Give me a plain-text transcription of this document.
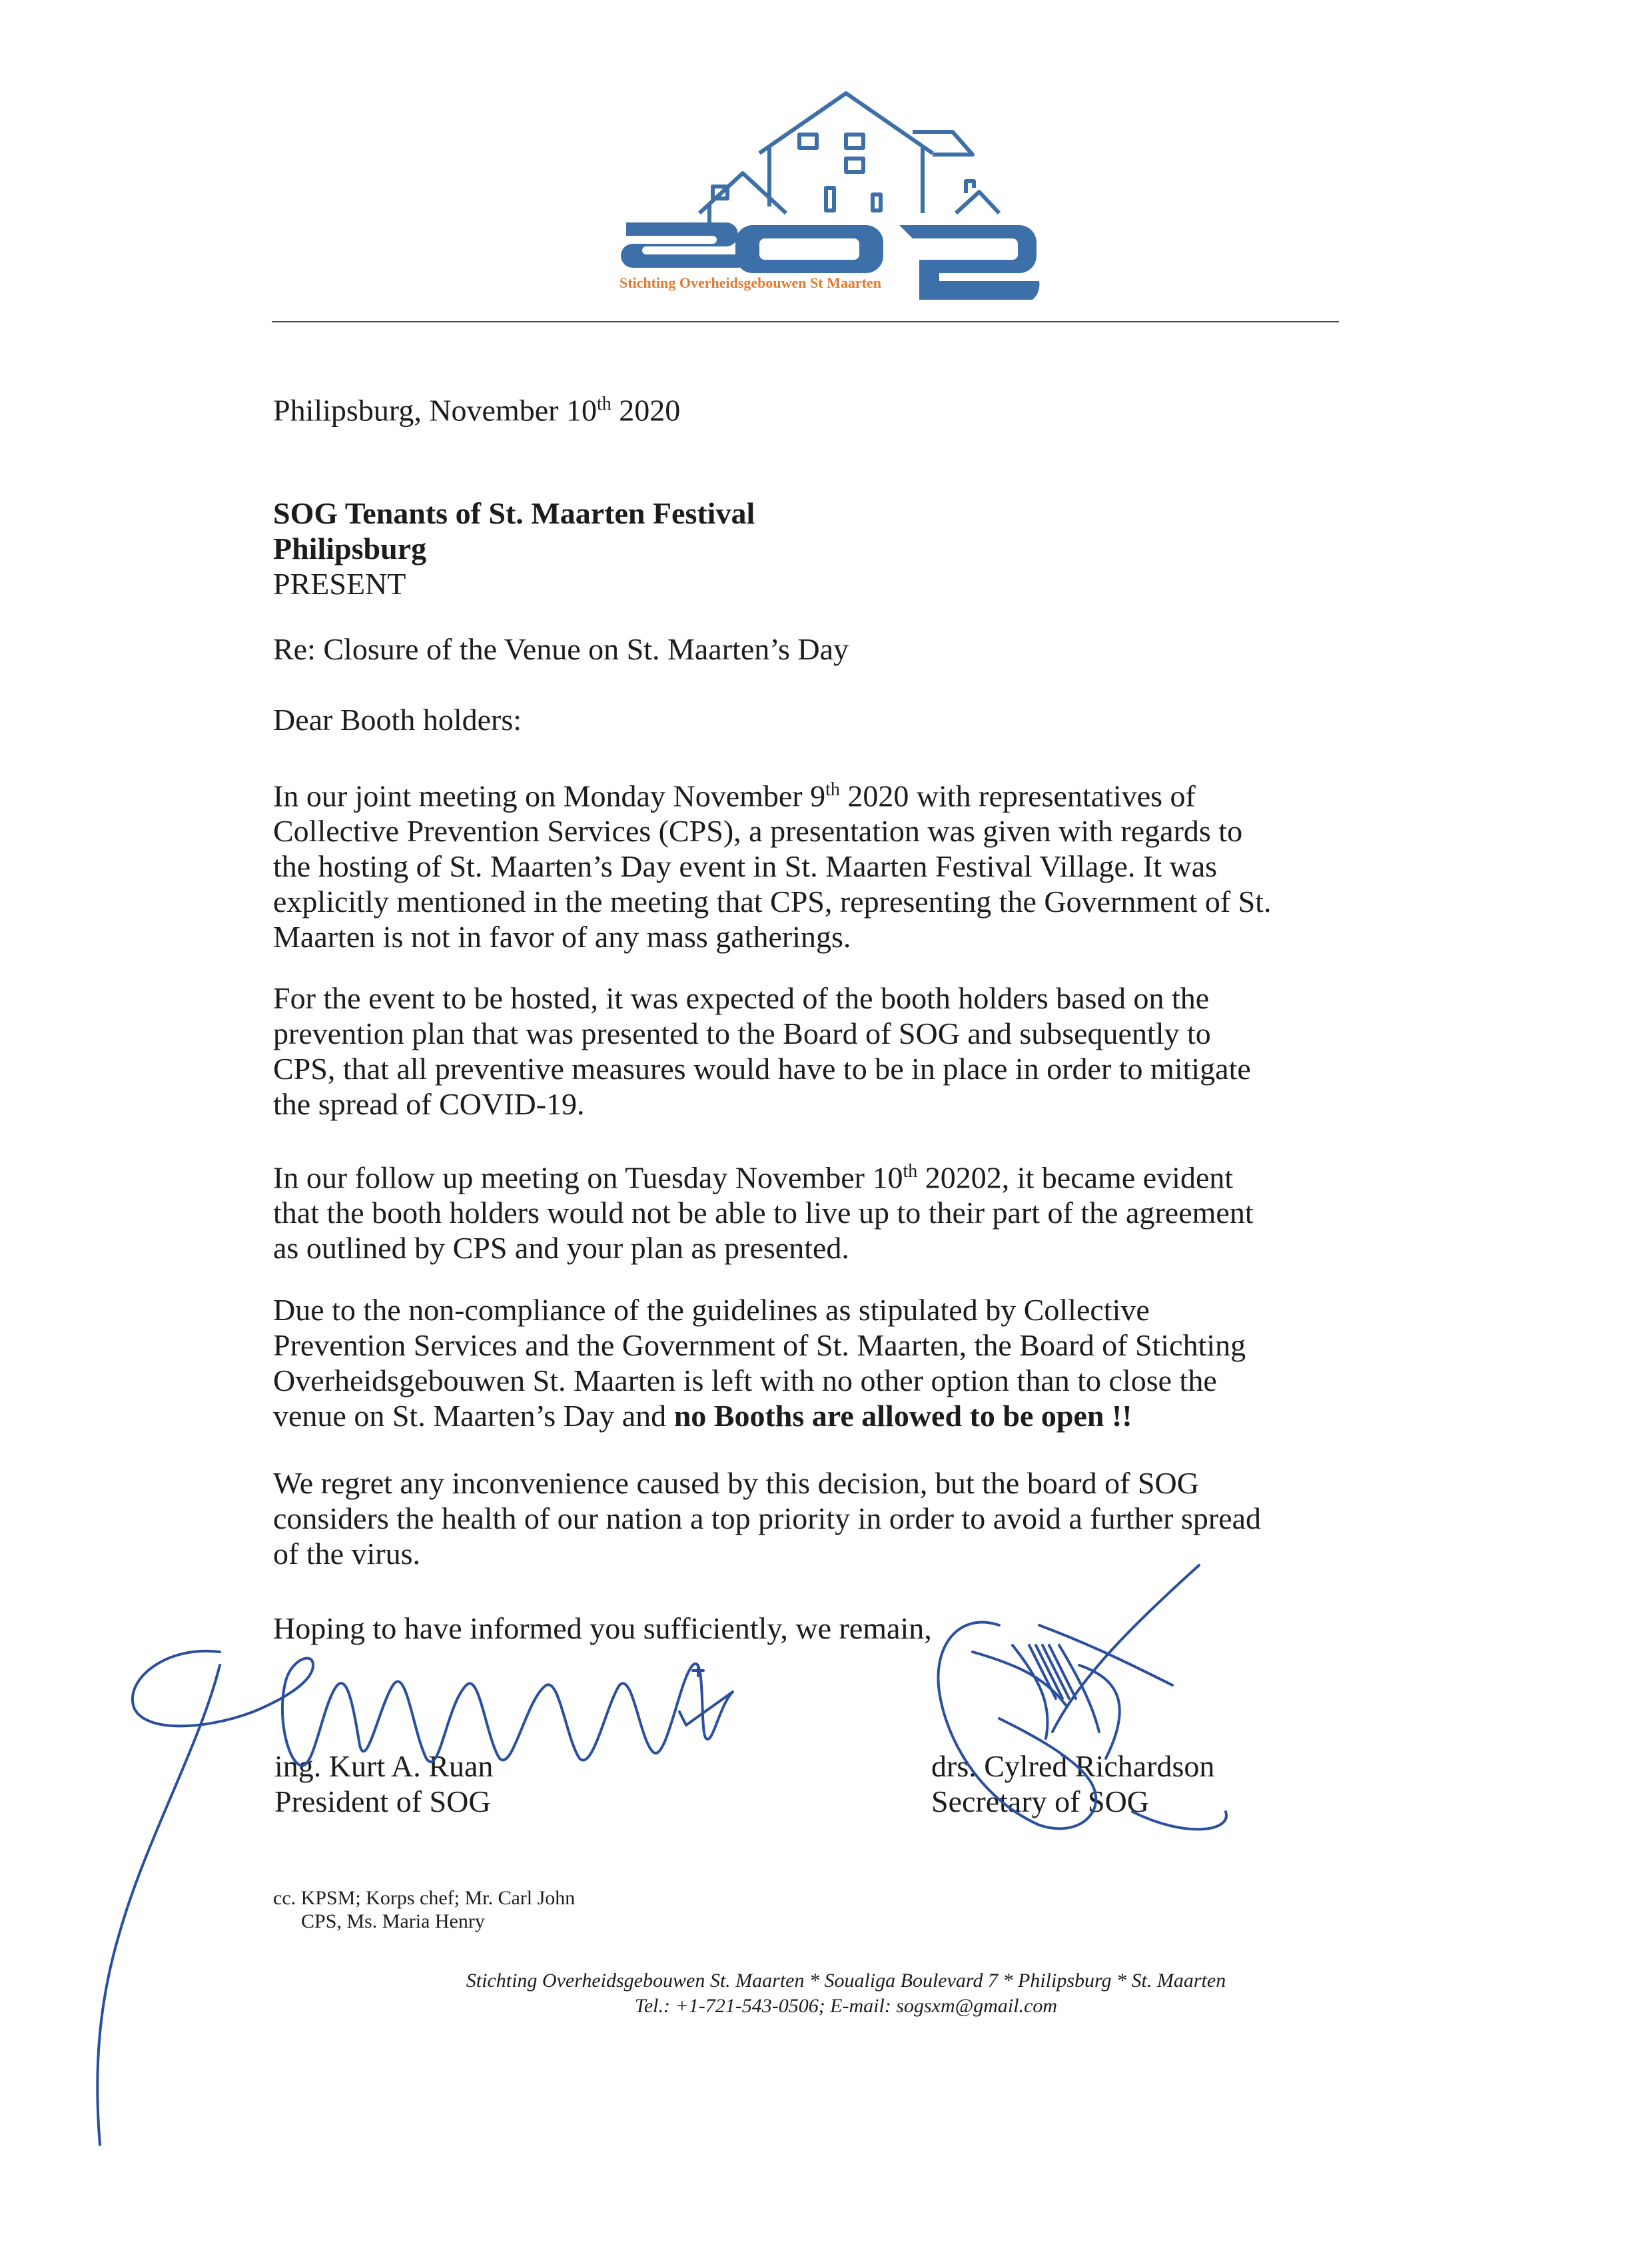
Stichting Overheidsgebouwen St Maarten
Philipsburg, November 10th 2020
SOG Tenants of St. Maarten Festival
Philipsburg
PRESENT
Re: Closure of the Venue on St. Maarten’s Day
Dear Booth holders:
In our joint meeting on Monday November 9th 2020 with representatives of
Collective Prevention Services (CPS), a presentation was given with regards to
the hosting of St. Maarten’s Day event in St. Maarten Festival Village. It was
explicitly mentioned in the meeting that CPS, representing the Government of St.
Maarten is not in favor of any mass gatherings.
For the event to be hosted, it was expected of the booth holders based on the
prevention plan that was presented to the Board of SOG and subsequently to
CPS, that all preventive measures would have to be in place in order to mitigate
the spread of COVID-19.
In our follow up meeting on Tuesday November 10th 20202, it became evident
that the booth holders would not be able to live up to their part of the agreement
as outlined by CPS and your plan as presented.
Due to the non-compliance of the guidelines as stipulated by Collective
Prevention Services and the Government of St. Maarten, the Board of Stichting
Overheidsgebouwen St. Maarten is left with no other option than to close the
venue on St. Maarten’s Day and no Booths are allowed to be open !!
We regret any inconvenience caused by this decision, but the board of SOG
considers the health of our nation a top priority in order to avoid a further spread
of the virus.
Hoping to have informed you sufficiently, we remain,
ing. Kurt A. Ruan
President of SOG
drs. Cylred Richardson
Secretary of SOG
cc. KPSM; Korps chef; Mr. Carl John
CPS, Ms. Maria Henry
Stichting Overheidsgebouwen St. Maarten * Soualiga Boulevard 7 * Philipsburg * St. Maarten
Tel.: +1-721-543-0506; E-mail: sogsxm@gmail.com
